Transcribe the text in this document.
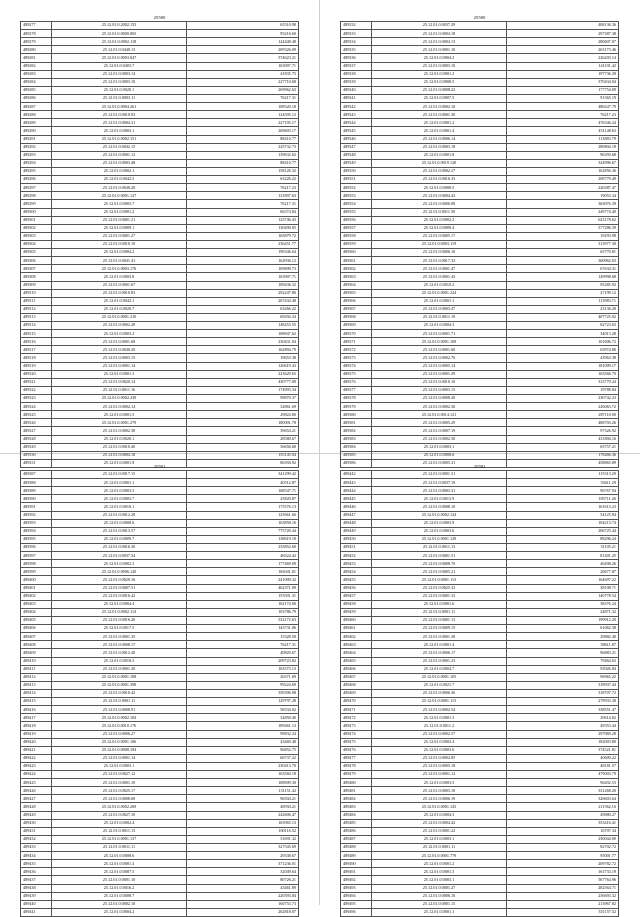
25580
489277	25.12.01.0.2002.155	65510.98
489278	25.12.01.0.0000.065	95216.60
489279	25.12.01.0.0002.118	124448.48
489280	25.12.01.0.0440.13	209326.09
489281	25.12.01.0.0003.047	574623.21
489282	25.12.01.0.0403.7	163907.71
489283	25.12.01.0.0003.14	41835.75
489284	25.12.01.0.0003.10	227710.68
489285	25.12.01.0.0020.1	269962.63
489286	25.12.01.0.0003.11	76217.31
489287	25.12.01.0.0004.261	108520.18
489288	25.12.01.0.0010.93	124505.12
489289	25.12.01.0.0004.31	227195.17
489290	25.12.01.0.0003.1	269603.17
489291	25.12.01.0.0002.151	88410.77
489292	25.12.01.0.0042.15	225732.73
489293	25.12.01.0.0001.12	139632.62
489294	25.12.01.0.0003.48	88410.77
489295	25.12.01.0.0002.1	158126.32
489296	25.12.01.0.0042.5	63226.22
489297	25.12.01.0.0040.20	76217.23
489298	25.12.01.0.0001.127	131897.63
489299	25.12.01.0.0003.7	76217.31
489300	25.12.01.0.0001.2	66374.84
489301	25.12.01.0.0001.21	123746.43
489302	25.12.01.0.0009.1	130490.05
489303	25.12.01.0.0001.27	163879.72
489304	25.12.01.0.0010.10	236451.77
489305	25.12.01.0.0004.2	190346.64
489306	25.12.01.0.0041.41	162936.12
489307	25.12.01.0.0003.176	109809.73
489308	25.12.01.0.0003.8	163907.71
489309	25.12.01.0.0001.67	109436.32
489310	25.12.01.0.0010.83	292247.86
489311	25.12.01.0.0042.1	267434.48
489312	25.12.01.0.0020.7	63266.22
489313	25.12.01.0.0001.210	69294.34
489314	25.12.01.0.0002.20	148453.55
489315	25.12.01.0.0003.2	168947.62
489316	25.12.01.0.0001.68	230431.04
489317	25.12.01.0.0040.20	162894.79
489318	25.12.01.0.0003.15	19653.38
489319	25.12.01.0.0001.14	126619.43
489320	25.12.01.0.0001.3	223629.65
489321	25.12.01.0.0020.14	430777.09
489322	25.12.01.0.0011.16	174993.34
489323	25.12.01.0.0002.239	99870.37
489324	25.12.01.0.0002.14	32861.69
489325	25.12.01.0.0001.5	29824.80
489326	25.12.01.0.0001.279	180001.78
489327	25.12.01.0.0002.38	39654.21
489328	25.12.01.0.0020.1	28580.67
489329	25.12.01.0.0010.40	56656.68
489330	25.12.01.0.0004.18	155145.04
489331	25.12.01.0.0001.9	86594.92
25580
489332	25.12.01.0.0037.29	408136.36
489333	25.12.01.0.0004.18	297387.38
489334	25.12.01.0.0004.13	280607.07
489335	25.12.01.0.0001.10	263173.46
489336	25.12.01.0.0004.2	226203.14
489337	25.12.01.0.0003.10	141101.42
489338	25.12.01.0.0001.2	197736.39
489339	25.12.01.0.0008.5	370434.04
489340	25.12.01.0.0008.22	177754.09
489341	25.12.01.0.0007.5	91365.19
489342	25.12.01.0.0002.10	480247.79
489343	25.12.01.0.0001.30	76217.23
489344	25.12.01.0.0001.2	476346.24
489345	25.12.01.0.0001.4	451148.63
489346	25.12.01.0.0006.14	113883.79
489347	25.12.01.0.0003.18	280804.18
489348	25.12.01.0.0001.8	96359.68
489349	25.12.01.0.0019.120	324996.67
489350	25.12.01.0.0002.27	162856.36
489351	25.12.01.0.0016.33	208779.49
489352	25.12.01.0.0008.5	226387.47
489353	25.12.01.0.0004.43	19053.34
489354	25.12.01.0.0006.08	363076.39
489355	25.12.01.0.0011.50	249774.40
489356	25.12.01.0.0002.2	623178.62
489357	25.12.01.0.0009.4	577286.39
489358	25.12.01.0.0005.17	19293.98
489359	25.12.01.0.0003.119	313977.30
489360	25.12.01.0.0006.10	65770.81
489361	25.12.01.0.0017.33	360962.03
489362	25.12.01.0.0001.47	67634.31
489363	25.12.01.0.0001.43	149998.68
489364	25.12.01.0.0010.2	95285.92
489365	25.12.01.0.0001.224	27199.12
489366	25.12.01.0.0001.1	113983.71
489367	25.12.01.0.0003.47	23136.20
489368	25.12.01.0.0011.19	407725.02
489369	25.12.01.0.0004.3	62723.63
489370	25.12.01.0.0001.71	34013.28
489371	25.12.01.0.0001.109	101606.72
489372	25.12.01.0.0001.60	63974.80
489373	25.12.01.0.0002.76	43963.38
489374	25.12.01.0.0005.14	181009.17
489375	25.12.01.0.0001.29	163566.70
489376	25.12.01.0.0010.10	313779.24
489377	25.12.01.0.0003.15	19788.84
489378	25.12.01.0.0008.20	230742.23
489379	25.12.01.0.0002.30	226063.72
489380	25.12.01.0.0014.121	287110.00
489381	25.12.01.0.0005.29	488703.26
489382	25.12.01.0.0007.19	97326.92
489383	25.12.01.0.0002.30	431804.16
489384	25.12.01.0.0003.1	65757.21
489385	25.12.01.0.0008.6	178466.36
489386	25.12.01.0.0005.31	458865.89
25581
489387	25.12.01.0.0017.15	341299.42
489388	25.12.01.0.0001.1	40512.87
489389	25.12.01.0.0003.5	168547.71
489390	25.12.01.0.0003.7	25820.87
489391	25.12.01.0.0016.1	175576.13
489392	25.12.01.0.0012.20	125661.66
489393	25.12.01.0.0008.6	163858.16
489394	25.12.01.0.0013.57	775726.44
489395	25.12.01.0.0009.7	138619.18
489396	25.12.01.0.0016.30	235852.60
489397	25.12.01.0.0037.34	46524.42
489398	25.12.01.0.0002.3	177469.09
489399	25.12.01.0.0006.120	165041.01
489400	25.12.01.0.0029.16	241009.32
489401	25.12.01.0.0007.51	462371.09
489402	25.12.01.0.0016.42	155591.31
489403	25.12.01.0.0004.4	162174.06
489404	25.12.01.0.0002.114	103786.79
489405	25.12.01.0.0016.20	532172.63
489406	25.12.01.0.0017.5	143731.06
489407	25.12.01.0.0001.35	15328.50
489408	25.12.01.0.0008.17	76217.31
489409	25.12.01.0.0012.40	40820.67
489410	25.12.01.0.0018.3	209723.82
489411	25.12.01.0.0001.20	163373.13
489412	25.12.01.0.0001.108	26371.69
489413	25.12.01.0.0001.398	99224.69
489414	25.12.01.0.0010.42	350396.08
489415	25.12.01.0.0001.11	129797.28
489416	25.12.01.0.0008.91	56534.02
489417	25.12.01.0.0002.104	32850.40
489418	25.12.01.0.0010.176	189461.13
489419	25.12.01.0.0006.27	99832.34
489420	25.12.01.0.0001.106	43469.48
489421	25.12.01.0.0008.194	96852.75
489422	25.12.01.0.0001.14	66737.22
489423	25.12.01.0.0003.1	230413.70
489424	25.12.01.0.0027.12	163584.18
489425	25.12.01.0.0001.10	108909.30
489426	25.12.01.0.0025.17	131151.42
489427	25.12.01.0.0008.68	96504.21
489428	25.12.01.0.0002.269	48594.21
489429	25.12.01.0.0027.10	242606.47
489430	25.12.01.0.0002.4	163965.13
489431	25.12.01.0.0011.13	160116.52
489432	25.12.01.0.0001.137	31691.32
489433	25.12.01.0.0011.11	327545.69
489434	25.12.01.0.0008.6	29338.67
489435	25.12.01.0.0001.3	371236.01
489436	25.12.01.0.0007.5	32049.64
489437	25.12.01.0.0001.10	80726.21
489438	25.12.01.0.0016.2	43461.89
489439	25.12.01.0.0008.7	220393.04
489440	25.12.01.0.0002.10	160753.73
489441	25.12.01.0.0004.2	262818.07
25582
489442	25.12.01.0.0001.31	115313.29
489443	25.12.01.0.0037.19	33611.29
489444	25.12.01.0.0003.31	96767.94
489445	25.12.01.0.0013.9	183711.26
489446	25.12.01.0.0008.10	161613.23
489447	25.12.01.0.0002.124	54125.94
489448	25.12.01.0.0003.9	104213.74
489449	25.12.01.0.0003.6	206725.44
489450	25.12.01.0.0001.129	88296.24
489451	25.12.01.0.0011.13	31105.21
489452	25.12.01.0.0001.51	81401.25
489453	25.12.01.0.0008.70	46498.26
489454	25.12.01.0.0005.21	20677.87
489455	25.12.01.0.0001.113	164697.22
489456	25.12.01.0.0025.32	38108.71
489457	25.12.01.0.0001.33	140778.54
489458	25.12.01.0.0001.6	38376.24
489459	25.12.01.0.0001.11	24871.32
489460	25.12.01.0.0001.13	199912.20
489461	25.12.01.0.0009.15	61062.38
489462	25.12.01.0.0001.38	29882.40
489463	25.12.01.0.0001.4	58611.87
489464	25.12.01.0.0006.17	96883.21
489465	25.12.01.0.0001.23	79464.63
489466	25.12.01.0.0004.7	93926.84
489467	25.12.01.0.0001.105	96965.22
489468	25.12.01.0.0021.7	318937.44
489469	25.12.01.0.0006.36	318707.72
489470	25.12.01.0.0001.113	279933.38
489471	25.12.01.0.0002.54	338551.47
489472	25.12.01.0.0001.3	29614.02
489473	25.12.01.0.0011.2	49353.44
489474	25.12.01.0.0002.37	297969.28
489475	25.12.01.0.0002.4	182003.80
489476	25.12.01.0.0003.6	374521.81
489477	25.12.01.0.0002.85	40600.22
489478	25.12.01.0.0005.18	48181.57
489479	25.12.01.0.0001.12	479003.79
489480	25.12.01.0.0003.5	96202.53
489481	25.12.01.0.0003.10	331268.20
489482	25.12.01.0.0006.19	326603.64
489483	25.12.01.0.0001.125	211562.16
489484	25.12.01.0.0004.3	49880.27
489485	25.12.01.0.0004.42	353416.41
489486	25.12.01.0.0001.22	16707.34
489487	25.12.01.0.0003.1	230044.00
489488	25.12.01.0.0001.11	82702.72
489489	25.12.01.0.0001.779	95001.77
489490	25.12.01.0.0001.2	209782.72
489491	25.12.01.0.0001.3	161733.19
489492	25.12.01.0.0003.1	567764.96
489493	25.12.01.0.0001.27	282564.71
489494	25.12.01.0.0006.10	236693.32
489495	25.12.01.0.0001.15	213967.82
489496	25.12.01.0.0001.1	351157.32
